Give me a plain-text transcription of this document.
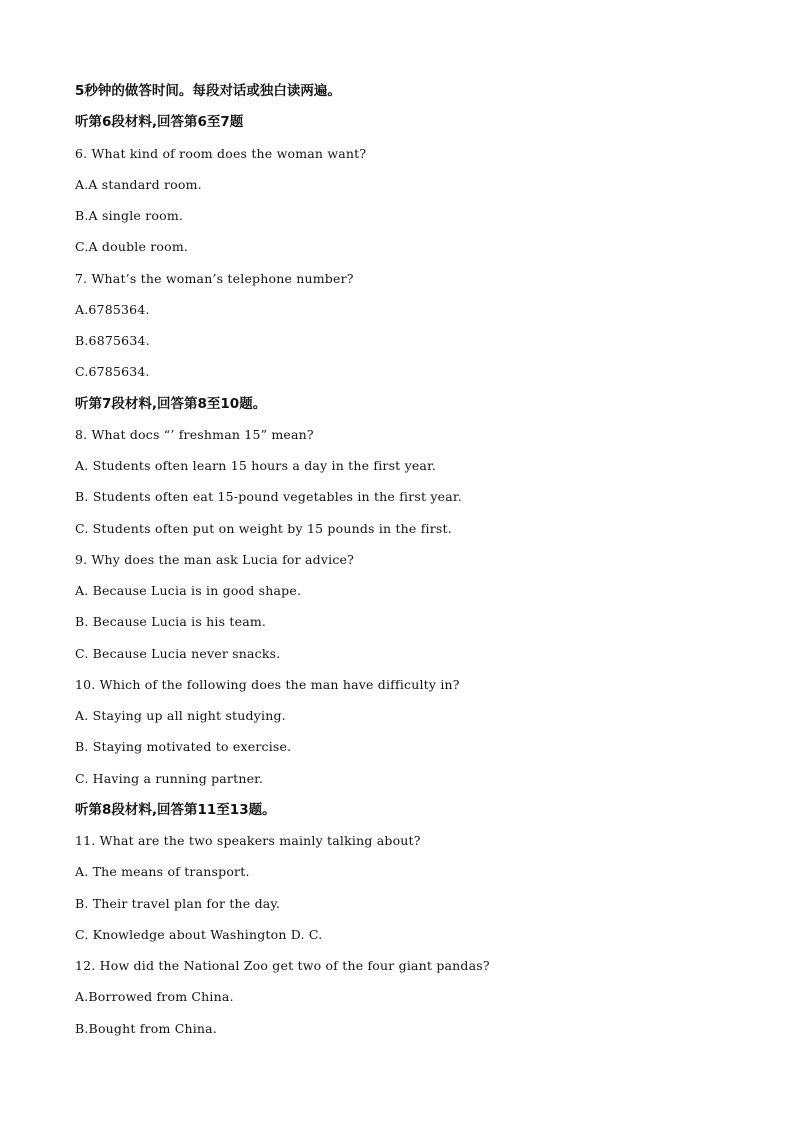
5秒钟的做答时间。每段对话或独白读两遍。
听第6段材料,回答第6至7题
6. What kind of room does the woman want?
A.A standard room.
B.A single room.
C.A double room.
7. What’s the woman’s telephone number?
A.6785364.
B.6875634.
C.6785634.
听第7段材料,回答第8至10题。
8. What docs “’ freshman 15” mean?
A. Students often learn 15 hours a day in the first year.
B. Students often eat 15-pound vegetables in the first year.
C. Students often put on weight by 15 pounds in the first.
9. Why does the man ask Lucia for advice?
A. Because Lucia is in good shape.
B. Because Lucia is his team.
C. Because Lucia never snacks.
10. Which of the following does the man have difficulty in?
A. Staying up all night studying.
B. Staying motivated to exercise.
C. Having a running partner.
听第8段材料,回答第11至13题。
11. What are the two speakers mainly talking about?
A. The means of transport.
B. Their travel plan for the day.
C. Knowledge about Washington D. C.
12. How did the National Zoo get two of the four giant pandas?
A.Borrowed from China.
B.Bought from China.
